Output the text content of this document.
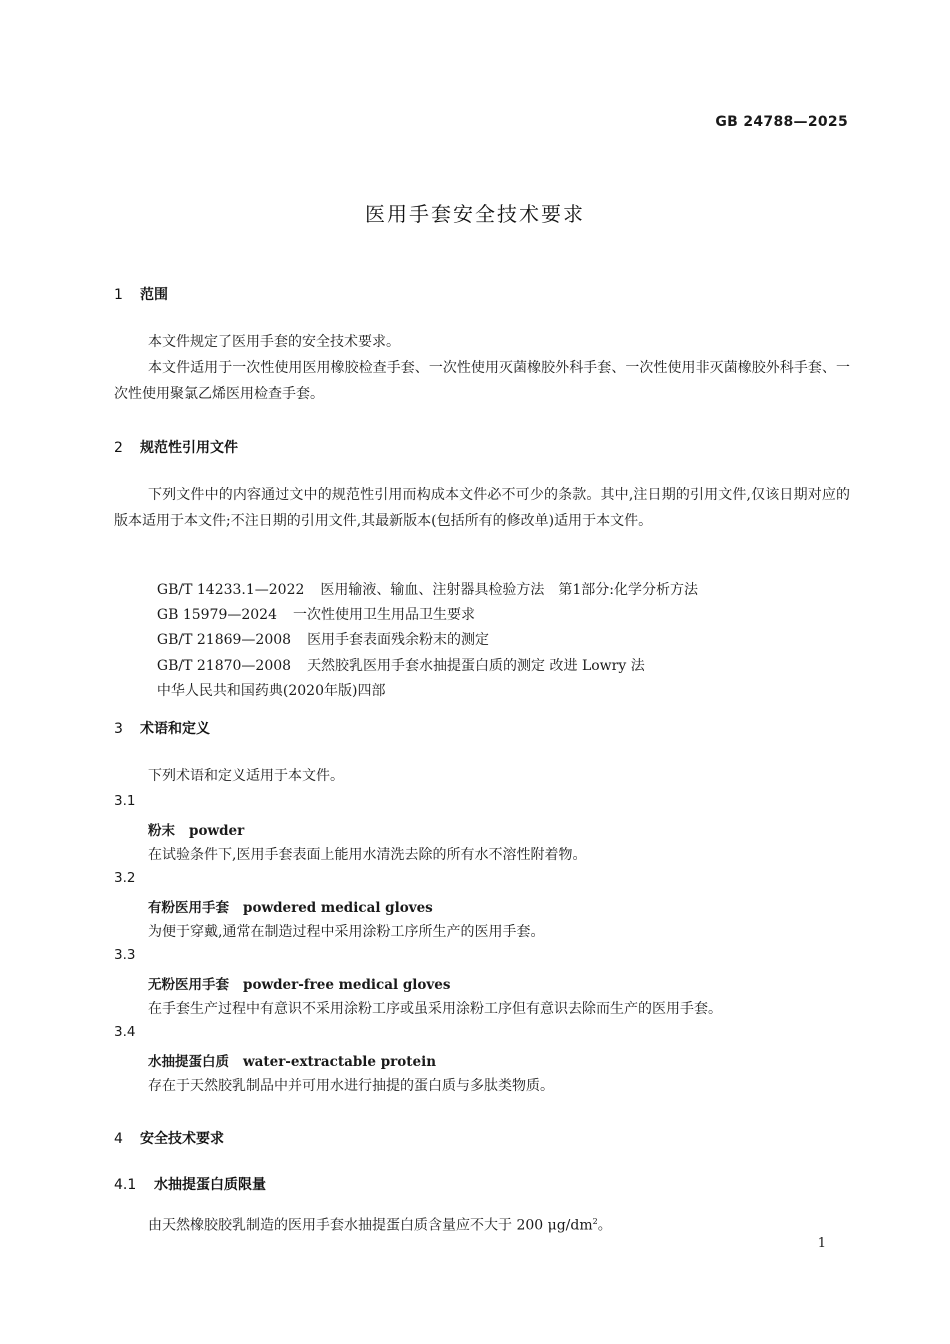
GB 24788—2025
医用手套安全技术要求
1 范围
本文件规定了医用手套的安全技术要求。
本文件适用于一次性使用医用橡胶检查手套、一次性使用灭菌橡胶外科手套、一次性使用非灭菌橡胶外科手套、一次性使用聚氯乙烯医用检查手套。
2 规范性引用文件
下列文件中的内容通过文中的规范性引用而构成本文件必不可少的条款。其中,注日期的引用文件,仅该日期对应的版本适用于本文件;不注日期的引用文件,其最新版本(包括所有的修改单)适用于本文件。

GB/T 14233.1—2022 医用输液、输血、注射器具检验方法　第1部分:化学分析方法

GB 15979—2024 一次性使用卫生用品卫生要求

GB/T 21869—2008 医用手套表面残余粉末的测定

GB/T 21870—2008 天然胶乳医用手套水抽提蛋白质的测定 改进 Lowry 法

中华人民共和国药典(2020年版)四部

3 术语和定义
下列术语和定义适用于本文件。
3.1
粉末 powder
在试验条件下,医用手套表面上能用水清洗去除的所有水不溶性附着物。
3.2
有粉医用手套 powdered medical gloves
为便于穿戴,通常在制造过程中采用涂粉工序所生产的医用手套。
3.3
无粉医用手套 powder-free medical gloves
在手套生产过程中有意识不采用涂粉工序或虽采用涂粉工序但有意识去除而生产的医用手套。
3.4
水抽提蛋白质 water-extractable protein
存在于天然胶乳制品中并可用水进行抽提的蛋白质与多肽类物质。
4 安全技术要求
4.1 水抽提蛋白质限量
由天然橡胶胶乳制造的医用手套水抽提蛋白质含量应不大于 200 $\mu g/dm^2$。
1
